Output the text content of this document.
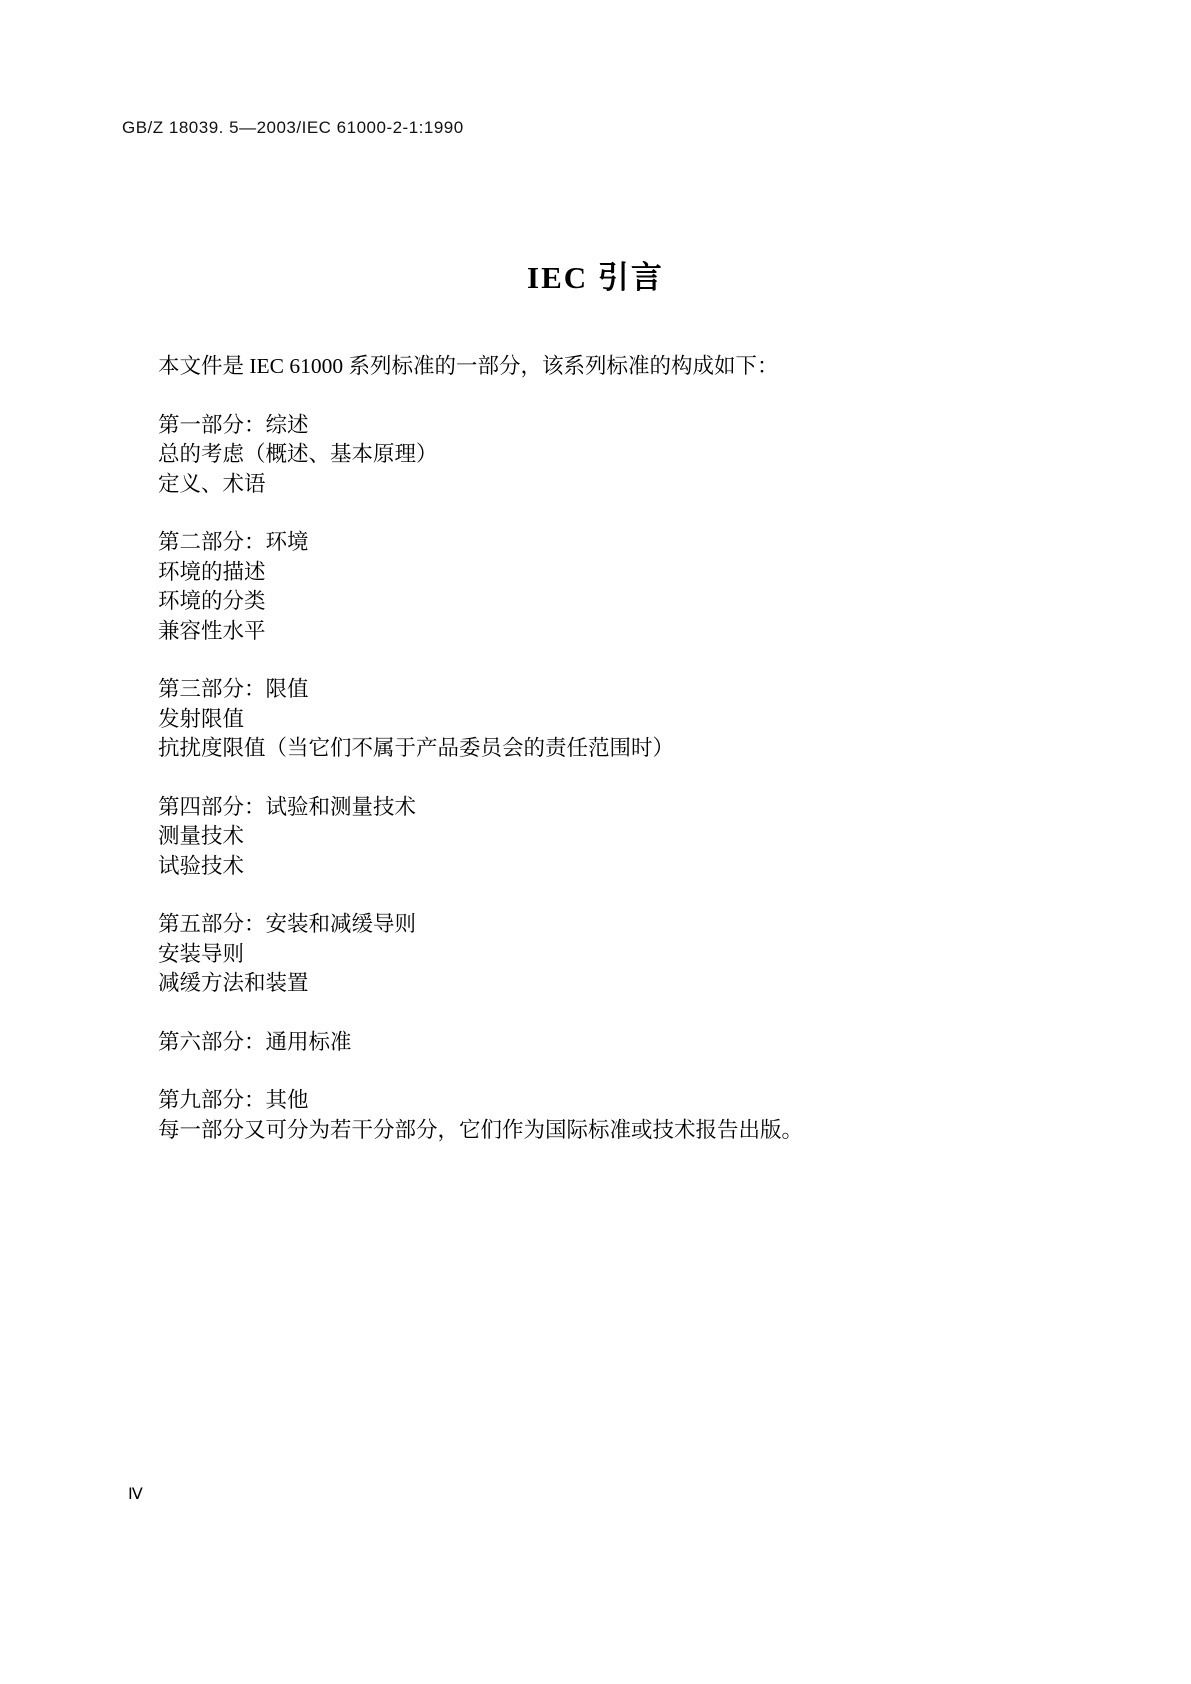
GB/Z 18039. 5—2003/IEC 61000-2-1:1990
IEC 引言
本文件是 IEC 61000 系列标准的一部分，该系列标准的构成如下：
第一部分：综述
总的考虑（概述、基本原理）
定义、术语
第二部分：环境
环境的描述
环境的分类
兼容性水平
第三部分：限值
发射限值
抗扰度限值（当它们不属于产品委员会的责任范围时）
第四部分：试验和测量技术
测量技术
试验技术
第五部分：安装和减缓导则
安装导则
减缓方法和装置
第六部分：通用标准
第九部分：其他
每一部分又可分为若干分部分，它们作为国际标准或技术报告出版。
Ⅳ
